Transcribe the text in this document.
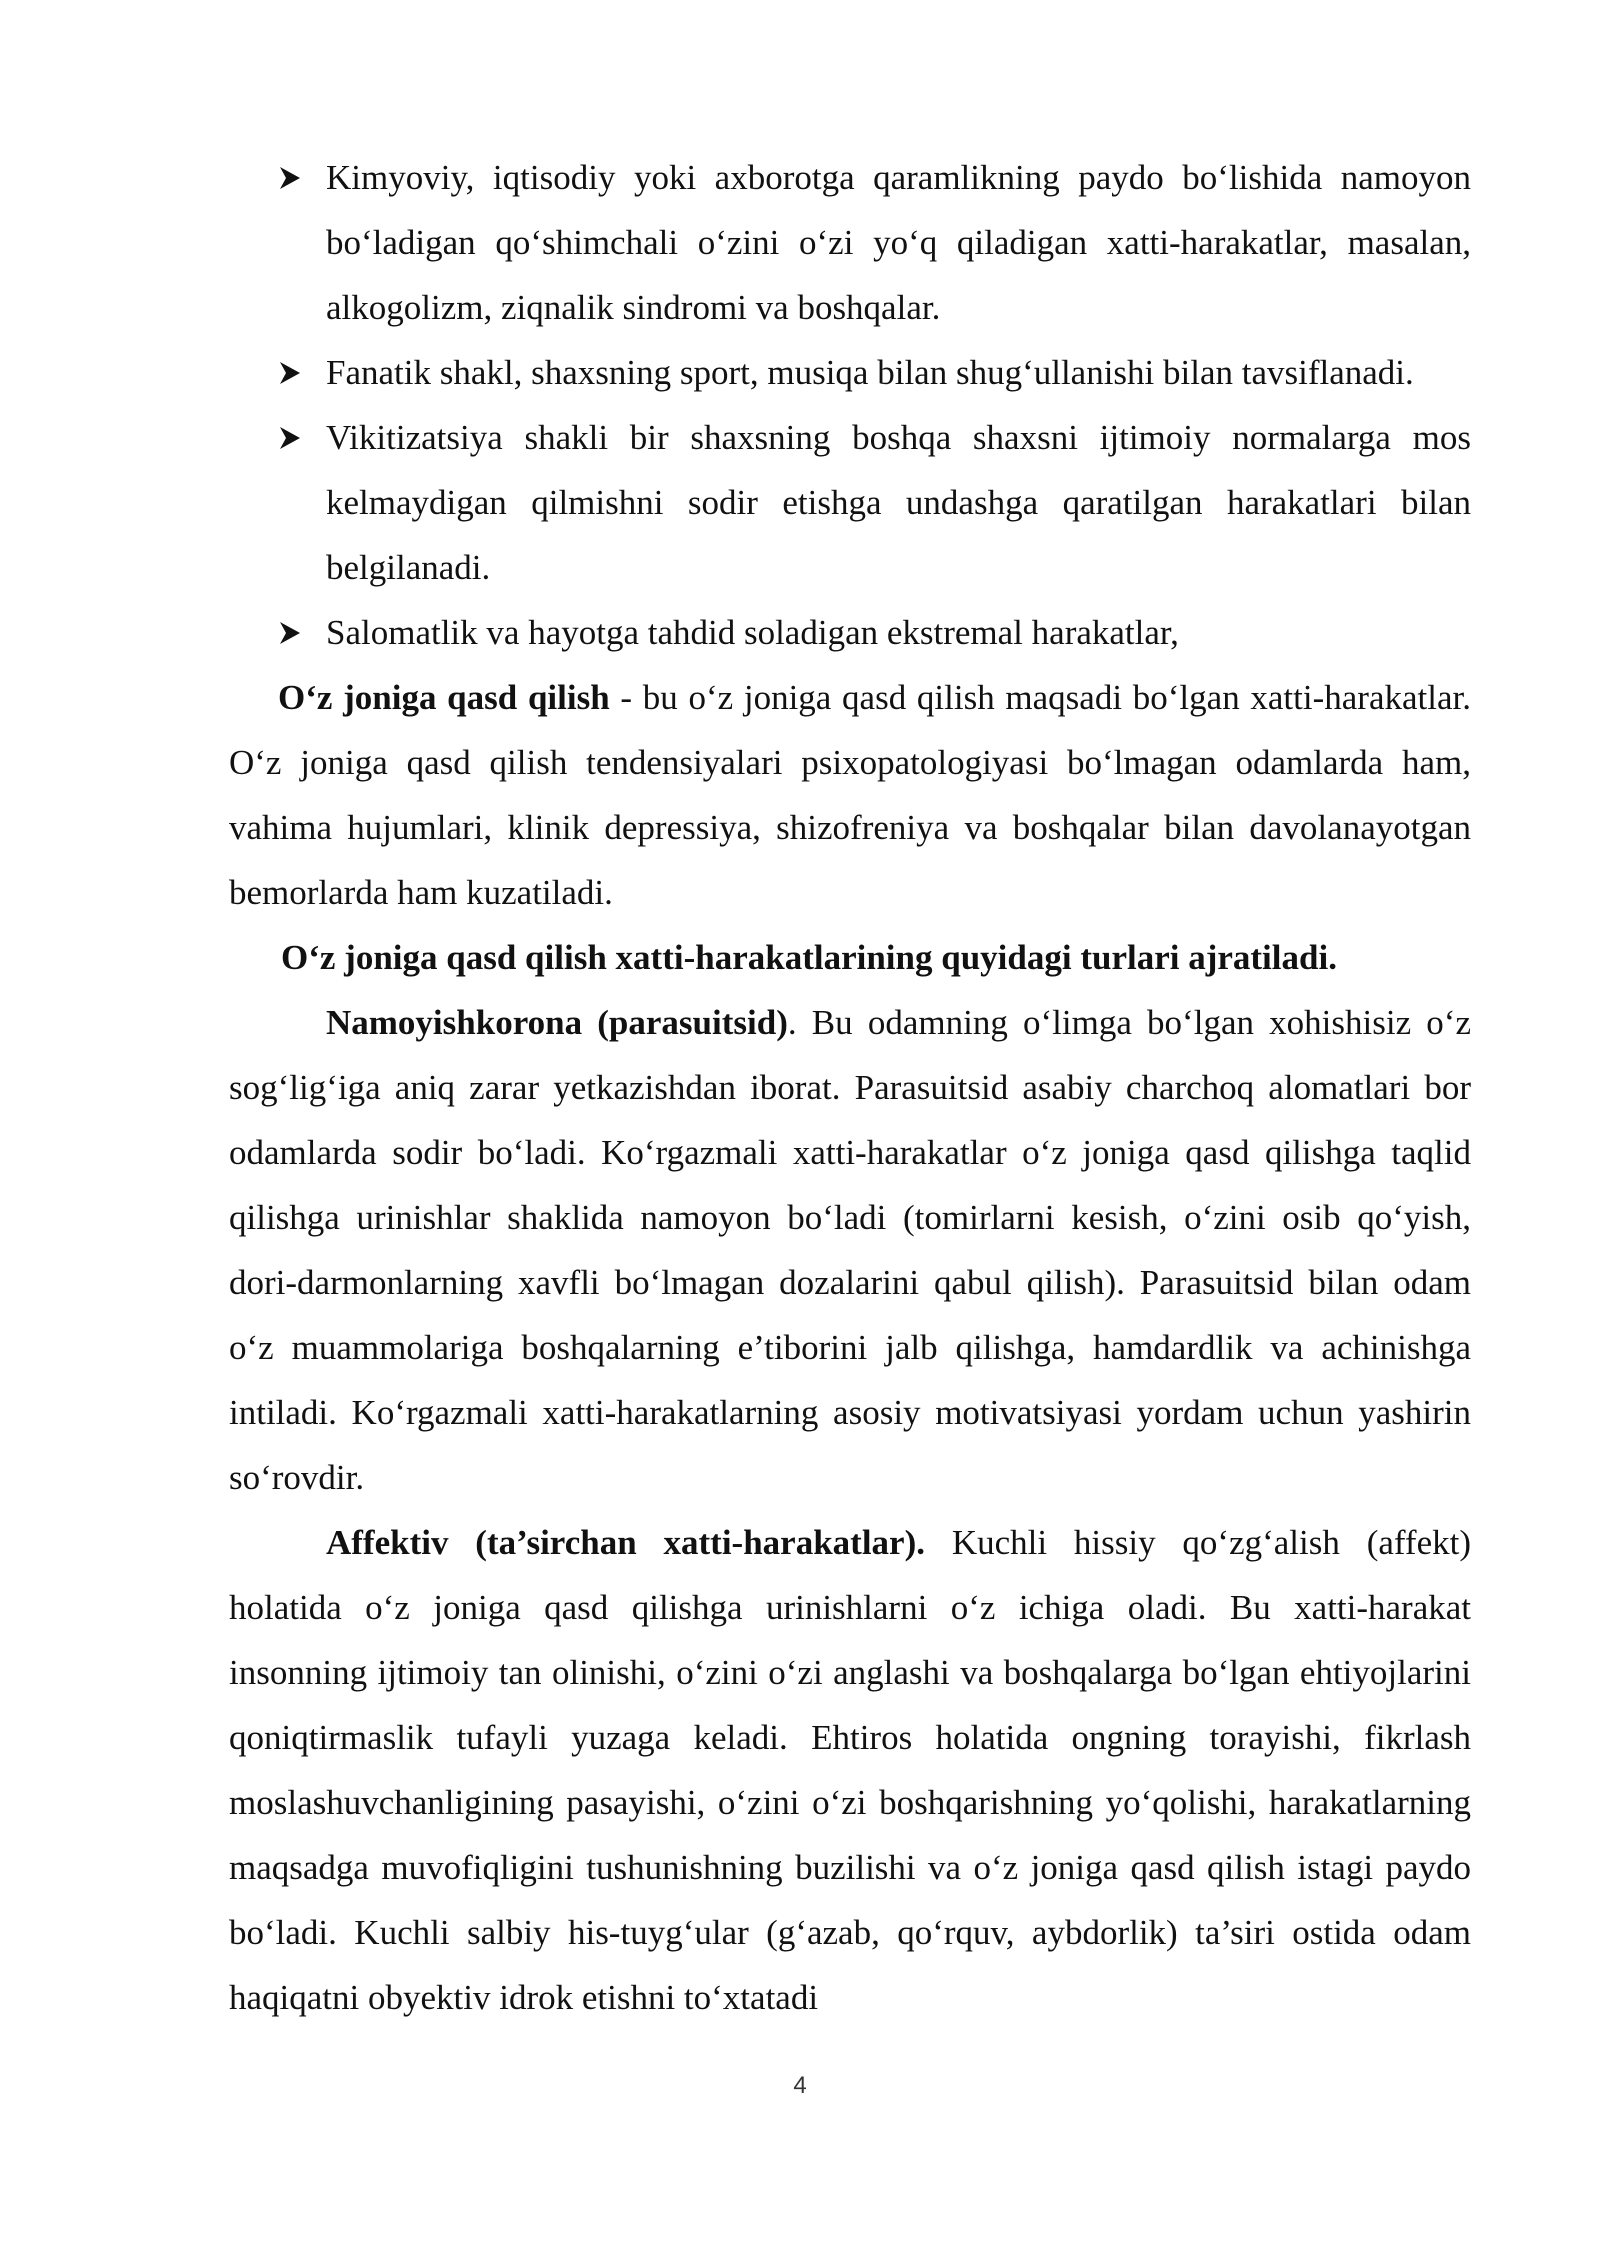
Kimyoviy, iqtisodiy yoki axborotga qaramlikning paydo bo‘lishida namoyon bo‘ladigan qo‘shimchali o‘zini o‘zi yo‘q qiladigan xatti-harakatlar, masalan, alkogolizm, ziqnalik sindromi va boshqalar.
Fanatik shakl, shaxsning sport, musiqa bilan shug‘ullanishi bilan tavsiflanadi.
Vikitizatsiya shakli bir shaxsning boshqa shaxsni ijtimoiy normalarga mos kelmaydigan qilmishni sodir etishga undashga qaratilgan harakatlari bilan belgilanadi.
Salomatlik va hayotga tahdid soladigan ekstremal harakatlar,

O‘z joniga qasd qilish - bu o‘z joniga qasd qilish maqsadi bo‘lgan xatti-harakatlar. O‘z joniga qasd qilish tendensiyalari psixopatologiyasi bo‘lmagan odamlarda ham, vahima hujumlari, klinik depressiya, shizofreniya va boshqalar bilan davolanayotgan bemorlarda ham kuzatiladi.

O‘z joniga qasd qilish xatti-harakatlarining quyidagi turlari ajratiladi.

Namoyishkorona (parasuitsid). Bu odamning o‘limga bo‘lgan xohishisiz o‘z sog‘lig‘iga aniq zarar yetkazishdan iborat. Parasuitsid asabiy charchoq alomatlari bor odamlarda sodir bo‘ladi. Ko‘rgazmali xatti-harakatlar o‘z joniga qasd qilishga taqlid qilishga urinishlar shaklida namoyon bo‘ladi (tomirlarni kesish, o‘zini osib qo‘yish, dori-darmonlarning xavfli bo‘lmagan dozalarini qabul qilish). Parasuitsid bilan odam o‘z muammolariga boshqalarning e’tiborini jalb qilishga, hamdardlik va achinishga intiladi. Ko‘rgazmali xatti-harakatlarning asosiy motivatsiyasi yordam uchun yashirin so‘rovdir.

Affektiv (ta’sirchan xatti-harakatlar). Kuchli hissiy qo‘zg‘alish (affekt) holatida o‘z joniga qasd qilishga urinishlarni o‘z ichiga oladi. Bu xatti-harakat insonning ijtimoiy tan olinishi, o‘zini o‘zi anglashi va boshqalarga bo‘lgan ehtiyojlarini qoniqtirmaslik tufayli yuzaga keladi. Ehtiros holatida ongning torayishi, fikrlash moslashuvchanligining pasayishi, o‘zini o‘zi boshqarishning yo‘qolishi, harakatlarning maqsadga muvofiqligini tushunishning buzilishi va o‘z joniga qasd qilish istagi paydo bo‘ladi. Kuchli salbiy his-tuyg‘ular (g‘azab, qo‘rquv, aybdorlik) ta’siri ostida odam haqiqatni obyektiv idrok etishni to‘xtatadi

4
